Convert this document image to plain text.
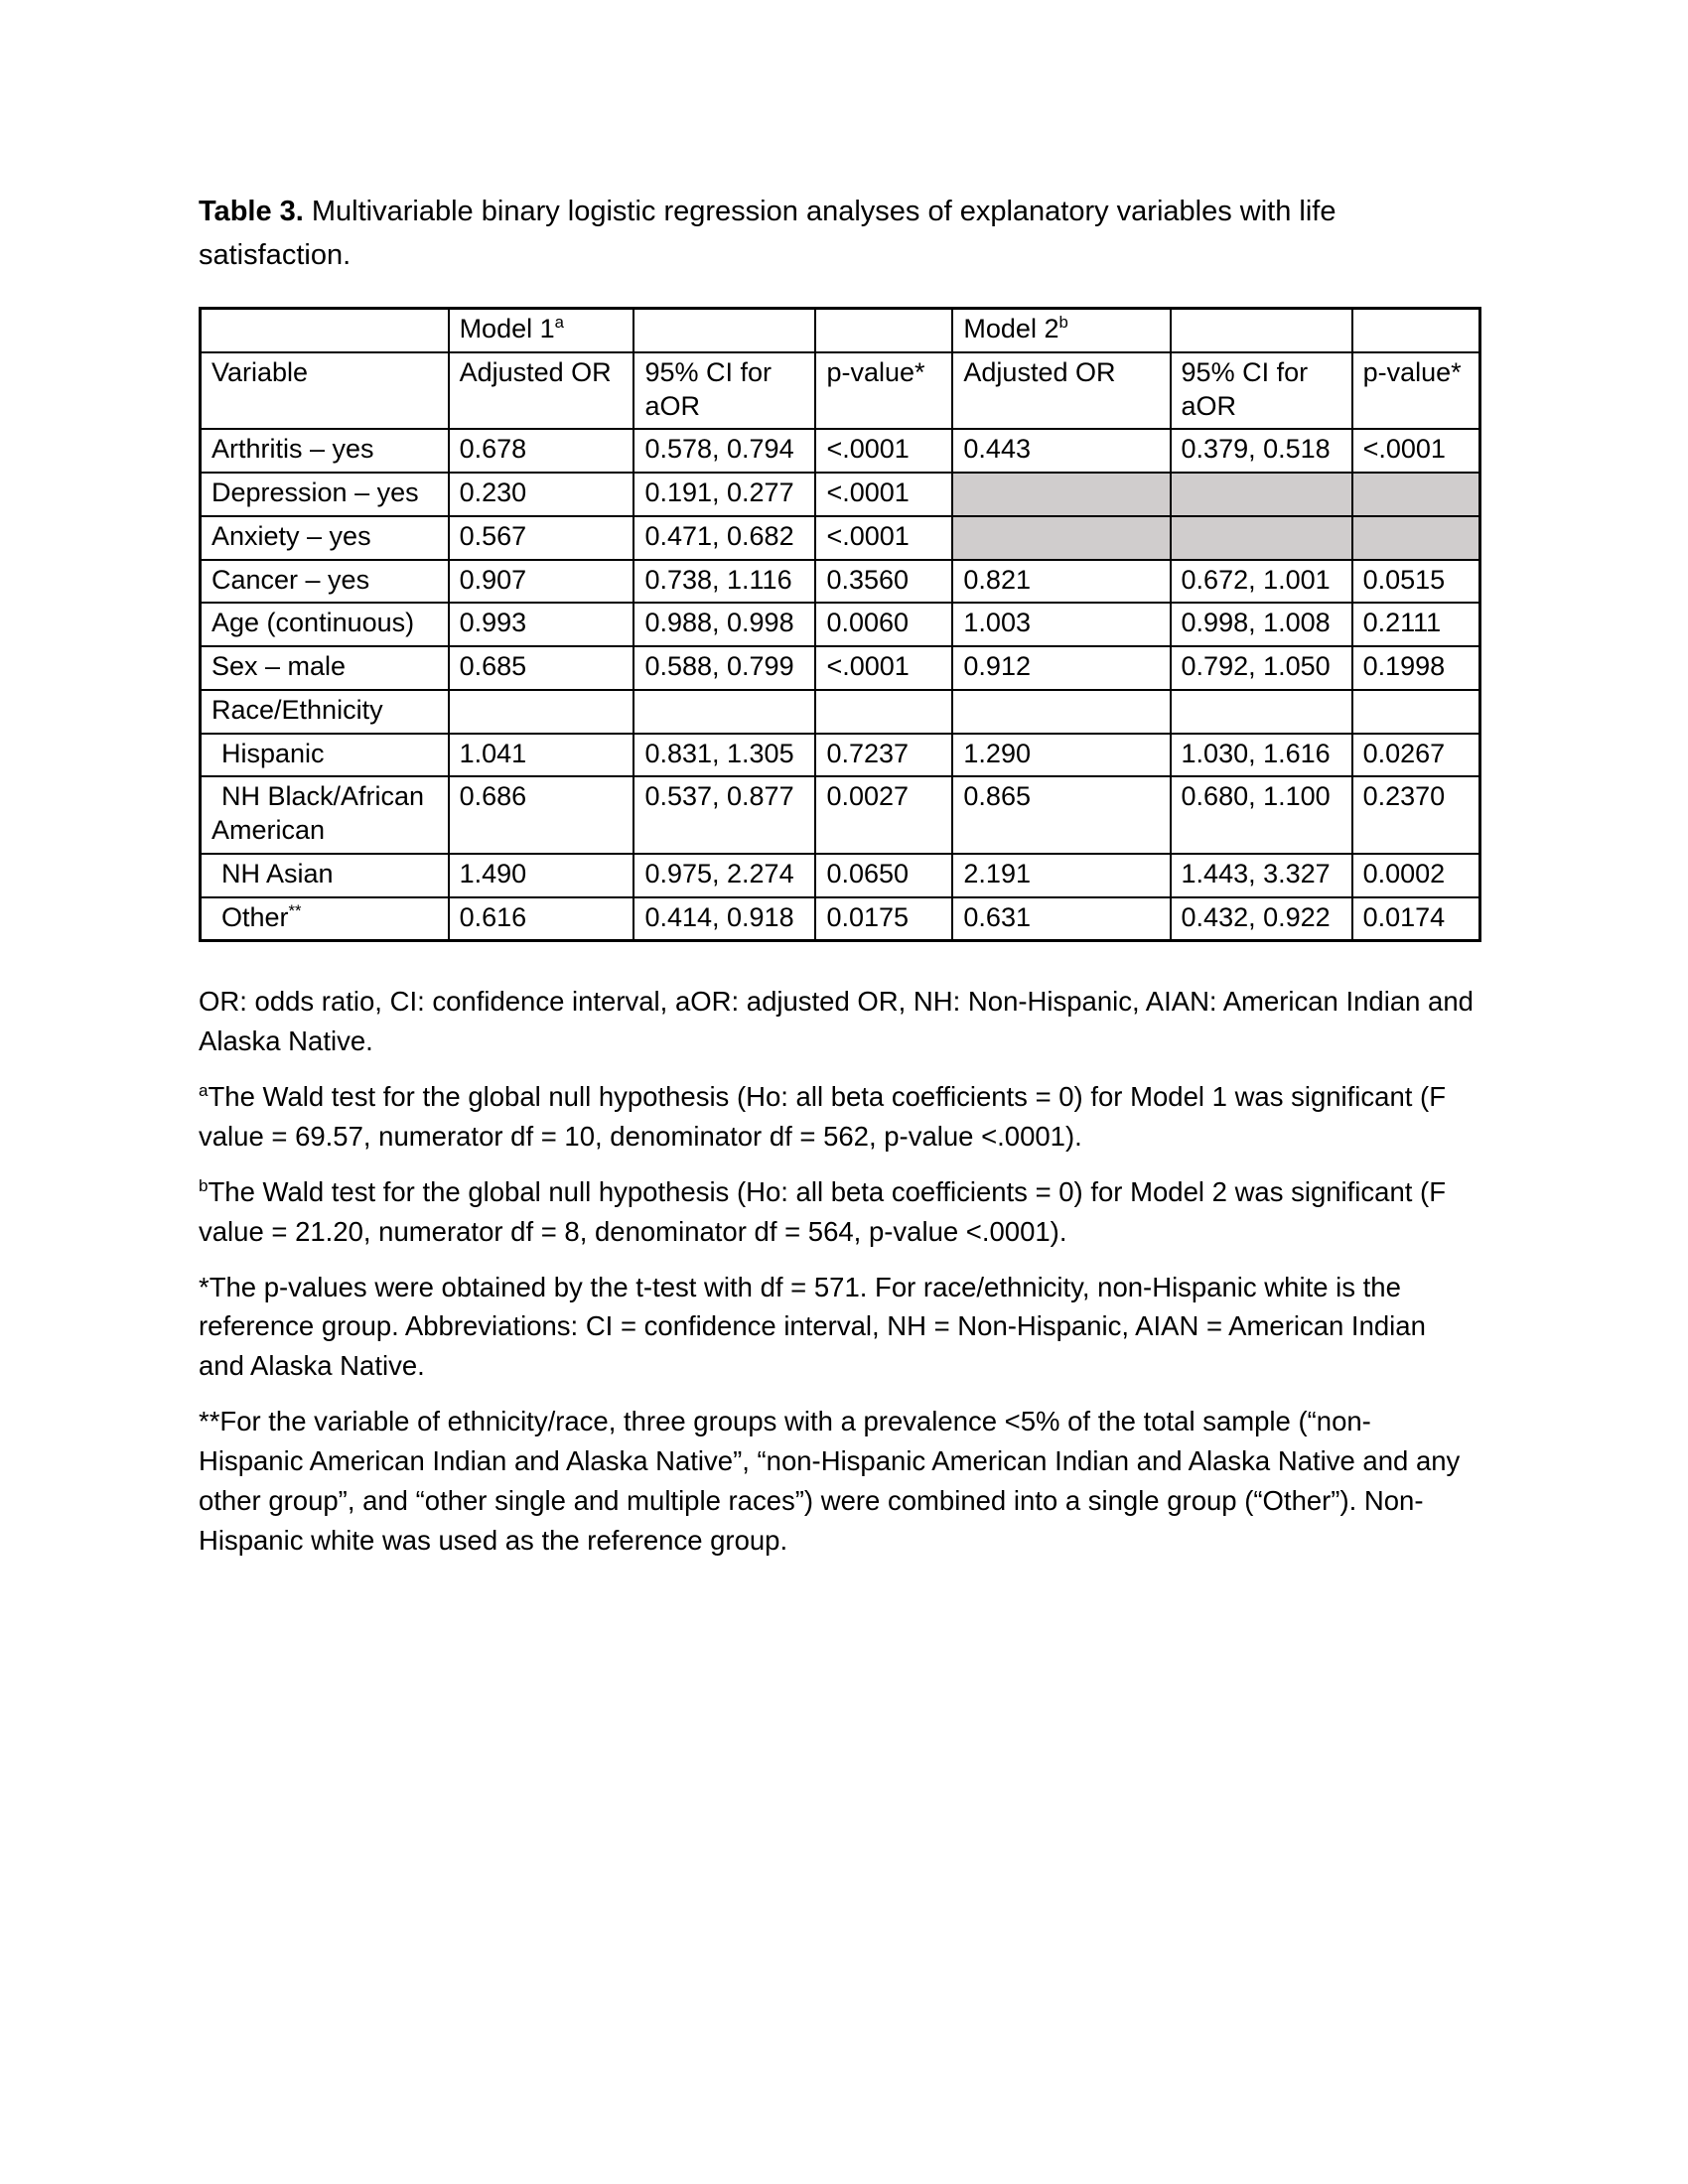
Table 3. Multivariable binary logistic regression analyses of explanatory variables with life satisfaction.

	Model 1$^a$			Model 2$^b$		
Variable	Adjusted OR	95% CI for aOR	p-value*	Adjusted OR	95% CI for aOR	p-value*
Arthritis – yes	0.678	0.578, 0.794	<.0001	0.443	0.379, 0.518	<.0001
Depression – yes	0.230	0.191, 0.277	<.0001			
Anxiety – yes	0.567	0.471, 0.682	<.0001			
Cancer – yes	0.907	0.738, 1.116	0.3560	0.821	0.672, 1.001	0.0515
Age (continuous)	0.993	0.988, 0.998	0.0060	1.003	0.998, 1.008	0.2111
Sex – male	0.685	0.588, 0.799	<.0001	0.912	0.792, 1.050	0.1998
Race/Ethnicity						
Hispanic	1.041	0.831, 1.305	0.7237	1.290	1.030, 1.616	0.0267
NH Black/African American	0.686	0.537, 0.877	0.0027	0.865	0.680, 1.100	0.2370
NH Asian	1.490	0.975, 2.274	0.0650	2.191	1.443, 3.327	0.0002
Other**	0.616	0.414, 0.918	0.0175	0.631	0.432, 0.922	0.0174

OR: odds ratio, CI: confidence interval, aOR: adjusted OR, NH: Non-Hispanic, AIAN: American Indian and Alaska Native.

$^a$The Wald test for the global null hypothesis (Ho: all beta coefficients = 0) for Model 1 was significant (F value = 69.57, numerator df = 10, denominator df = 562, p-value <.0001).

$^b$The Wald test for the global null hypothesis (Ho: all beta coefficients = 0) for Model 2 was significant (F value = 21.20, numerator df = 8, denominator df = 564, p-value <.0001).

*The p-values were obtained by the t-test with df = 571. For race/ethnicity, non-Hispanic white is the reference group. Abbreviations: CI = confidence interval, NH = Non-Hispanic, AIAN = American Indian and Alaska Native.

**For the variable of ethnicity/race, three groups with a prevalence <5% of the total sample (“non-Hispanic American Indian and Alaska Native”, “non-Hispanic American Indian and Alaska Native and any other group”, and “other single and multiple races”) were combined into a single group (“Other”). Non-Hispanic white was used as the reference group.
